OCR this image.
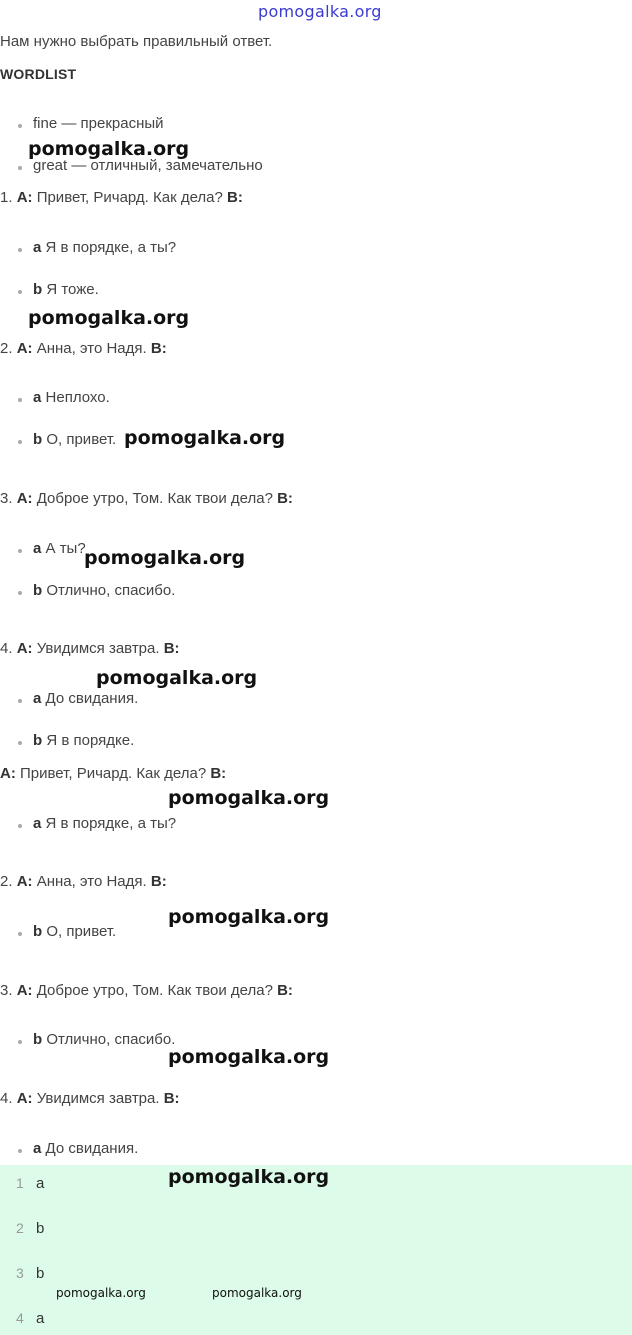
pomogalka.org
Нам нужно выбрать правильный ответ.
WORDLIST
fine — прекрасный
great — отличный, замечательно
pomogalka.org
1. A: Привет, Ричард. Как дела? B:
a Я в порядке, а ты?
b Я тоже.
pomogalka.org
2. A: Анна, это Надя. B:
a Неплохо.
b О, привет. pomogalka.org
3. A: Доброе утро, Том. Как твои дела? B:
a А ты?
pomogalka.org
b Отлично, спасибо.
4. A: Увидимся завтра. B:
pomogalka.org
a До свидания.
b Я в порядке.
A: Привет, Ричард. Как дела? B:
pomogalka.org
a Я в порядке, а ты?
2. A: Анна, это Надя. B:
pomogalka.org
b О, привет.
3. A: Доброе утро, Том. Как твои дела? B:
b Отлично, спасибо.
pomogalka.org
4. A: Увидимся завтра. B:
a До свидания.
1 a
2 b
3 b
4 a
pomogalka.org
pomogalka.org	pomogalka.org
